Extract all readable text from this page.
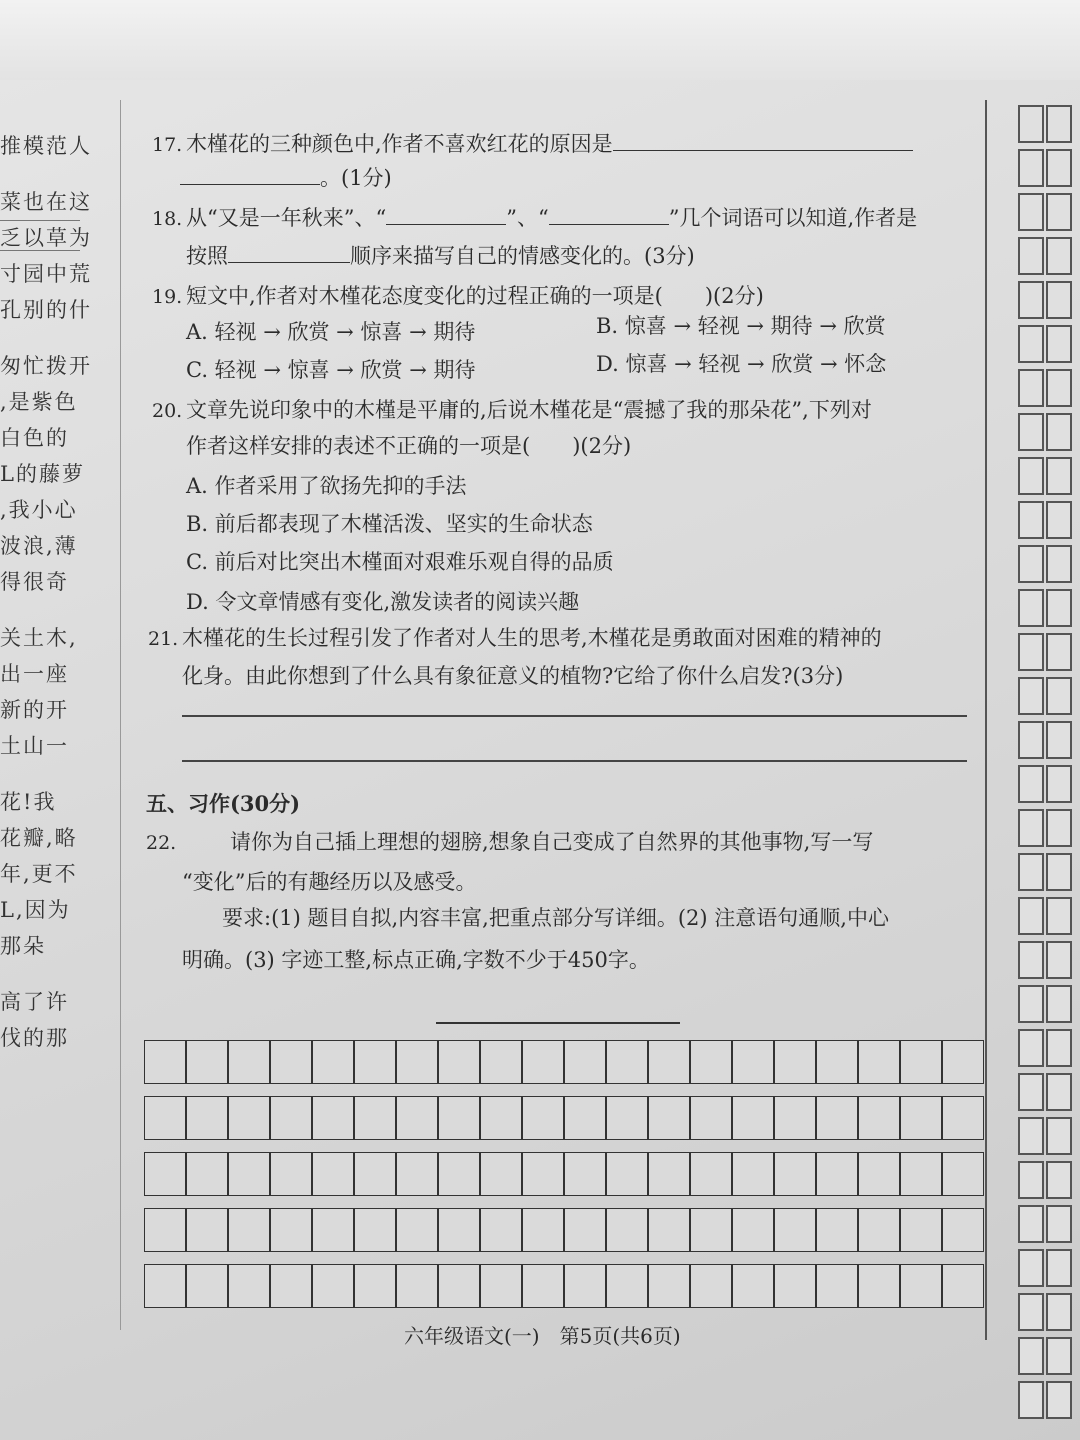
推模范人
菜也在这
乏以草为
寸园中荒
孔别的什
匆忙拨开
,是紫色
白色的
L的藤萝
,我小心
波浪,薄
得很奇
关土木,
出一座
新的开
土山一
花!我
花瓣,略
年,更不
L,因为
那朵
高了许
伐的那
17. 木槿花的三种颜色中,作者不喜欢红花的原因是
。(1分)
18. 从“又是一年秋来”、“	”、“	”几个词语可以知道,作者是
按照	顺序来描写自己的情感变化的。(3分)
19. 短文中,作者对木槿花态度变化的过程正确的一项是(　　)(2分)
A. 轻视 → 欣赏 → 惊喜 → 期待	B. 惊喜 → 轻视 → 期待 → 欣赏
C. 轻视 → 惊喜 → 欣赏 → 期待	D. 惊喜 → 轻视 → 欣赏 → 怀念
20. 文章先说印象中的木槿是平庸的,后说木槿花是“震撼了我的那朵花”,下列对
作者这样安排的表述不正确的一项是(　　)(2分)
A. 作者采用了欲扬先抑的手法
B. 前后都表现了木槿活泼、坚实的生命状态
C. 前后对比突出木槿面对艰难乐观自得的品质
D. 令文章情感有变化,激发读者的阅读兴趣
21. 木槿花的生长过程引发了作者对人生的思考,木槿花是勇敢面对困难的精神的
化身。由此你想到了什么具有象征意义的植物?它给了你什么启发?(3分)
五、习作(30分)
22.	请你为自己插上理想的翅膀,想象自己变成了自然界的其他事物,写一写
“变化”后的有趣经历以及感受。
要求:(1) 题目自拟,内容丰富,把重点部分写详细。(2) 注意语句通顺,中心
明确。(3) 字迹工整,标点正确,字数不少于450字。
六年级语文(一)　第5页(共6页)
